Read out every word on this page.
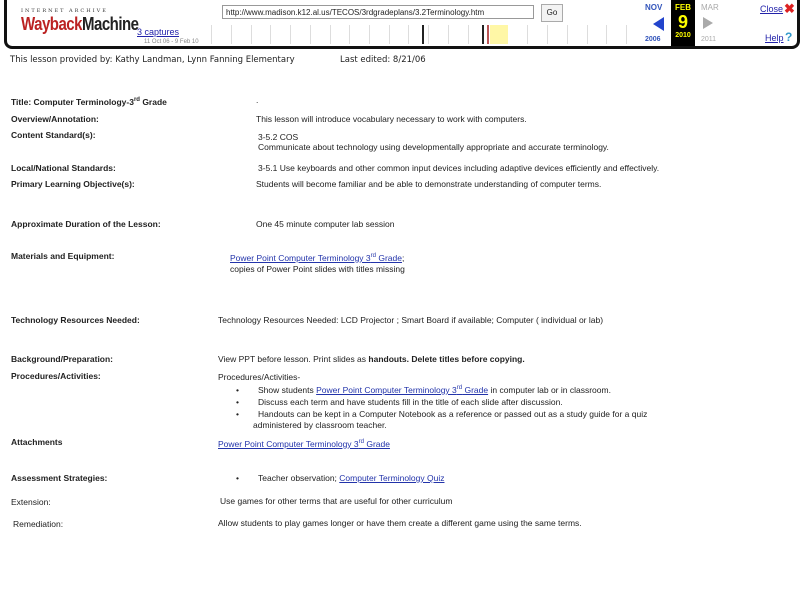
INTERNET ARCHIVE
WaybackMachine
3 captures
11 Oct 06 - 9 Feb 10
http://www.madison.k12.al.us/TECOS/3rdgradeplans/3.2Terminology.htm	Go
NOV
2006
FEB
9
2010
MAR
2011
Close ✖
Help ?
This lesson provided by: Kathy Landman, Lynn Fanning Elementary	Last edited: 8/21/06
Title: Computer Terminology-3rd Grade	.
Overview/Annotation:	This lesson will introduce vocabulary necessary to work with computers.
Content Standard(s):	3-5.2 COS
Communicate about technology using developmentally appropriate and accurate terminology.
Local/National Standards:	3-5.1 Use keyboards and other common input devices including adaptive devices efficiently and effectively.
Primary Learning Objective(s):	Students will become familiar and be able to demonstrate understanding of computer terms.
Approximate Duration of the Lesson:	One 45 minute computer lab session
Materials and Equipment:	Power Point Computer Terminology 3rd Grade;
copies of Power Point slides with titles missing
Technology Resources Needed:	Technology Resources Needed: LCD Projector ; Smart Board if available; Computer ( individual or lab)
Background/Preparation:	View PPT before lesson. Print slides as handouts. Delete titles before copying.
Procedures/Activities:	Procedures/Activities-
• Show students Power Point Computer Terminology 3rd Grade in computer lab or in classroom.
• Discuss each term and have students fill in the title of each slide after discussion.
• Handouts can be kept in a Computer Notebook as a reference or passed out as a study guide for a quiz
administered by classroom teacher.
Attachments	Power Point Computer Terminology 3rd Grade
Assessment Strategies:	• Teacher observation; Computer Terminology Quiz
Extension:	Use games for other terms that are useful for other curriculum
Remediation:	Allow students to play games longer or have them create a different game using the same terms.
